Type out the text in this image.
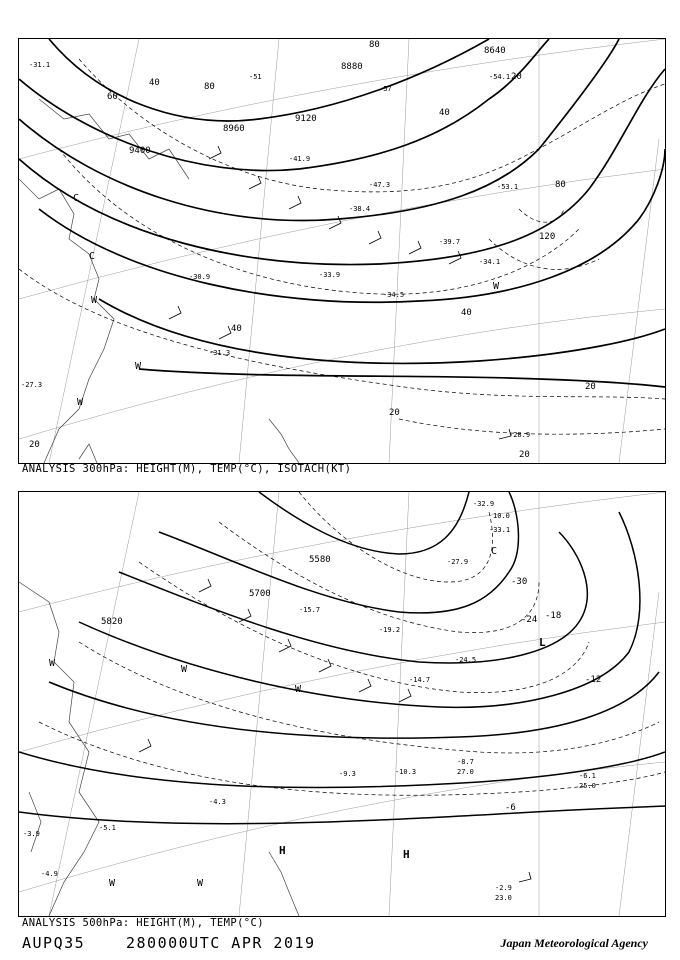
8640
8880
9120
8960
9400
80
80
40
60
40
20
120
80
40
40
20
20
20
20
-54.1
-57
-51
-53.1
-41.9
-38.4
-47.3
-39.7
-34.1
-34.5
-33.9
-31.3
-28.9
-31.1
-27.3
-30.9
W
W
W
W
C
C
ANALYSIS 300hPa: HEIGHT(M), TEMP(°C), ISOTACH(KT)
5580
5700
5820
-30
-24 -18
-12
-6
-32.9
-33.1
-27.9
-24.5
-19.2
-15.7
-14.7
-10.3
-8.7
-9.3
-4.3
-3.9
-2.9
-6.1
-5.1
-4.9
10.0
25.0
27.0
23.0
H	H
L
C
W
W
W
W	W
ANALYSIS 500hPa: HEIGHT(M), TEMP(°C)
AUPQ35	280000UTC APR 2019	Japan Meteorological Agency
